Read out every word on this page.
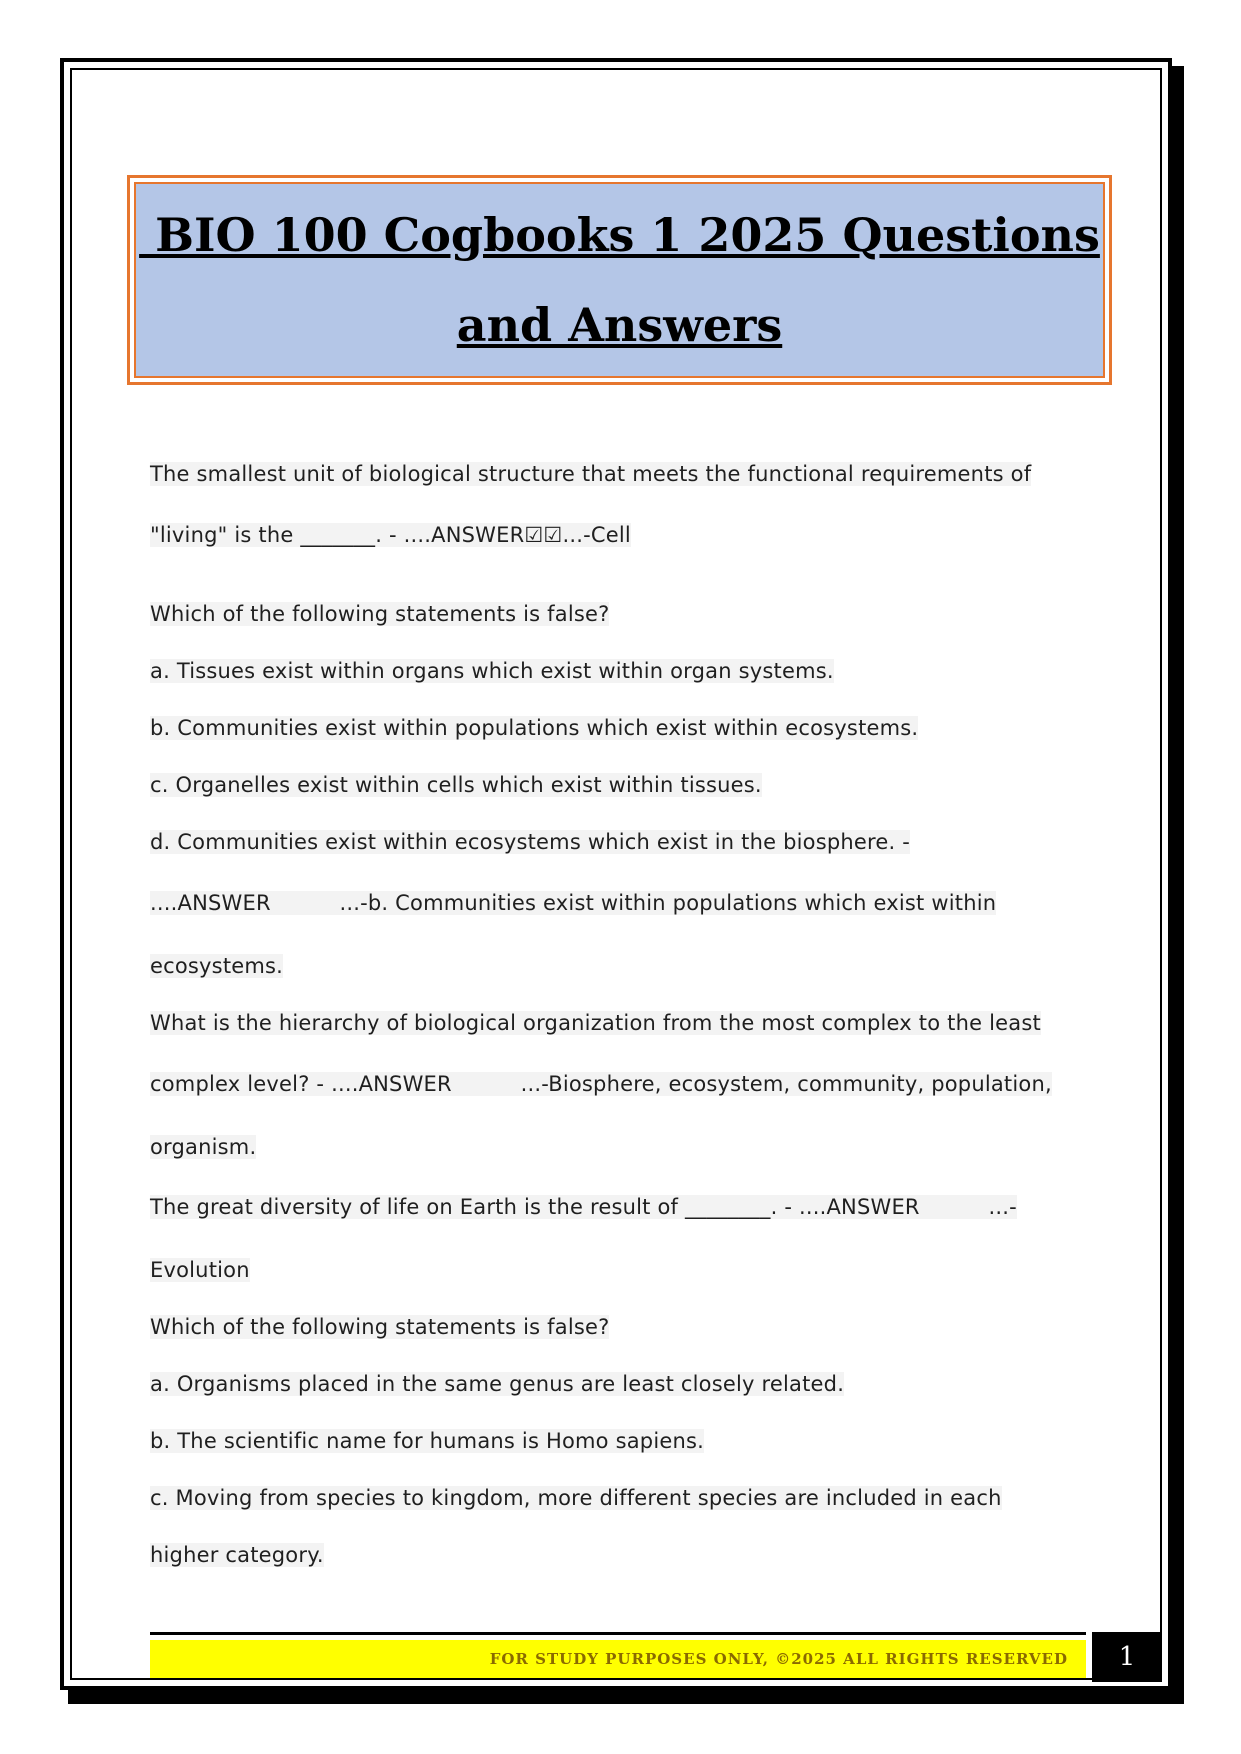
BIO 100 Cogbooks 1 2025 Questions
and Answers
The smallest unit of biological structure that meets the functional requirements of
"living" is the _______. - ....ANSWER☑☑...-Cell
Which of the following statements is false?
a. Tissues exist within organs which exist within organ systems.
b. Communities exist within populations which exist within ecosystems.
c. Organelles exist within cells which exist within tissues.
d. Communities exist within ecosystems which exist in the biosphere. -
....ANSWER          ...-b. Communities exist within populations which exist within
ecosystems.
What is the hierarchy of biological organization from the most complex to the least
complex level? - ....ANSWER          ...-Biosphere, ecosystem, community, population,
organism.
The great diversity of life on Earth is the result of ________. - ....ANSWER          ...-
Evolution
Which of the following statements is false?
a. Organisms placed in the same genus are least closely related.
b. The scientific name for humans is Homo sapiens.
c. Moving from species to kingdom, more different species are included in each
higher category.
FOR STUDY PURPOSES ONLY, ©2025 ALL RIGHTS RESERVED 1
